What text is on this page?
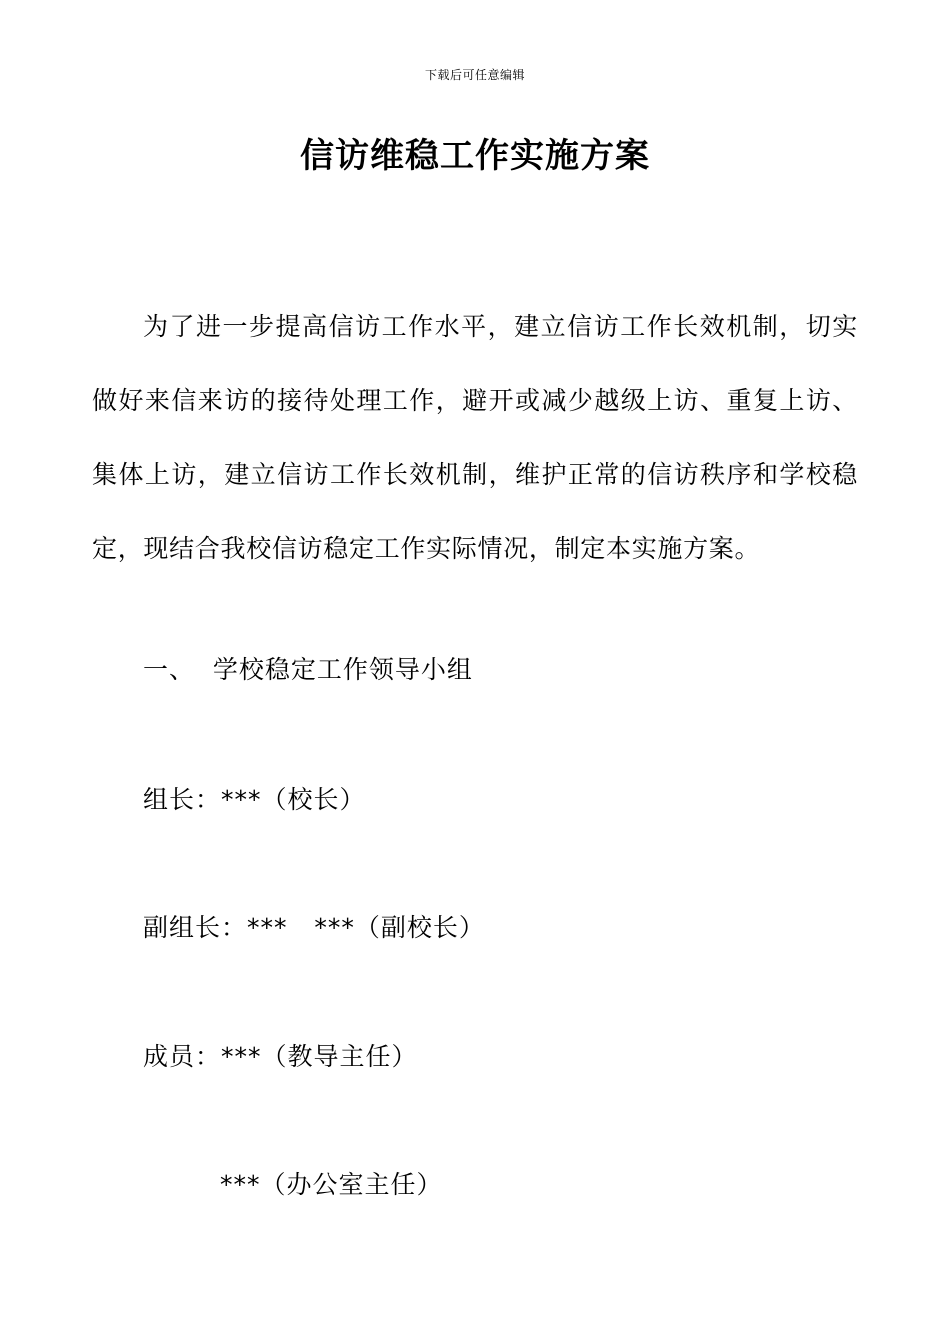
下载后可任意编辑
信访维稳工作实施方案
为了进一步提高信访工作水平，建立信访工作长效机制，切实做好来信来访的接待处理工作，避开或减少越级上访、重复上访、集体上访，建立信访工作长效机制，维护正常的信访秩序和学校稳定，现结合我校信访稳定工作实际情况，制定本实施方案。
一、  学校稳定工作领导小组
组长：***（校长）
副组长：***   ***（副校长）
成员：***（教导主任）
***（办公室主任）
